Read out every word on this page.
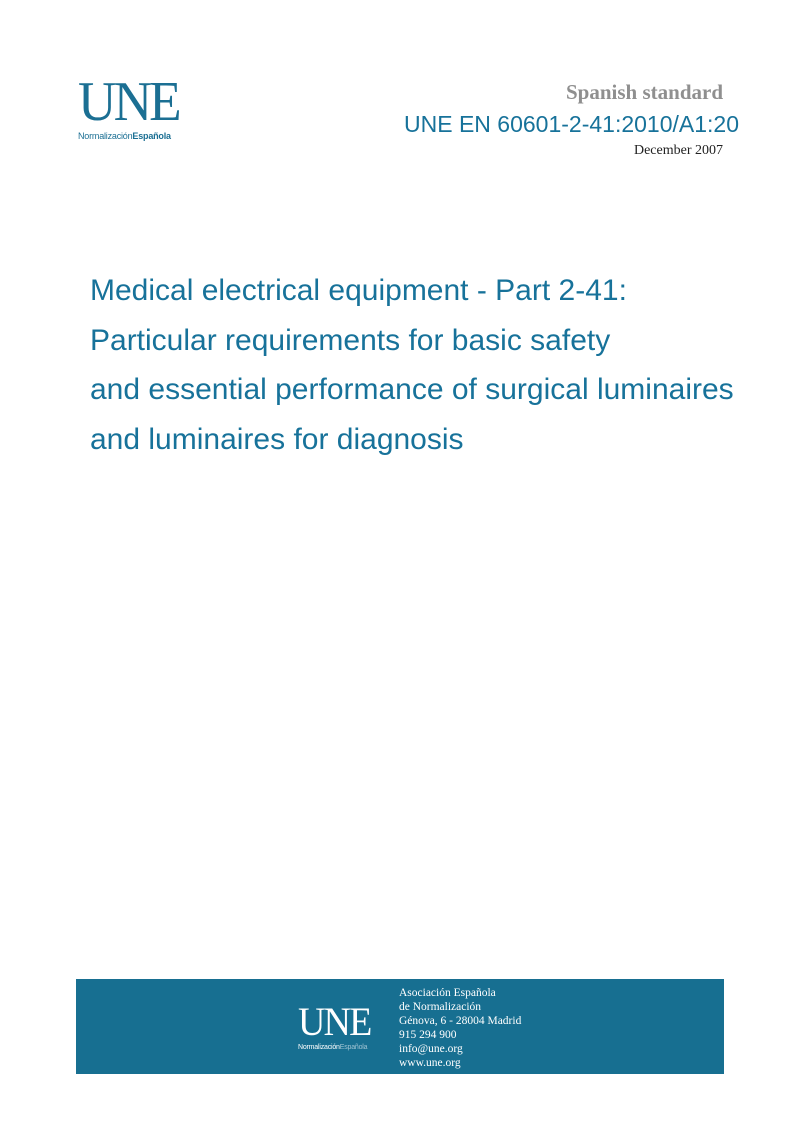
UNE
NormalizaciónEspañola
Spanish standard
UNE EN 60601-2-41:2010/A1:20
December 2007
Medical electrical equipment - Part 2-41:
Particular requirements for basic safety
and essential performance of surgical luminaires
and luminaires for diagnosis
UNE
NormalizaciónEspañola
Asociación Española
de Normalización
Génova, 6 - 28004 Madrid
915 294 900
info@une.org
www.une.org
